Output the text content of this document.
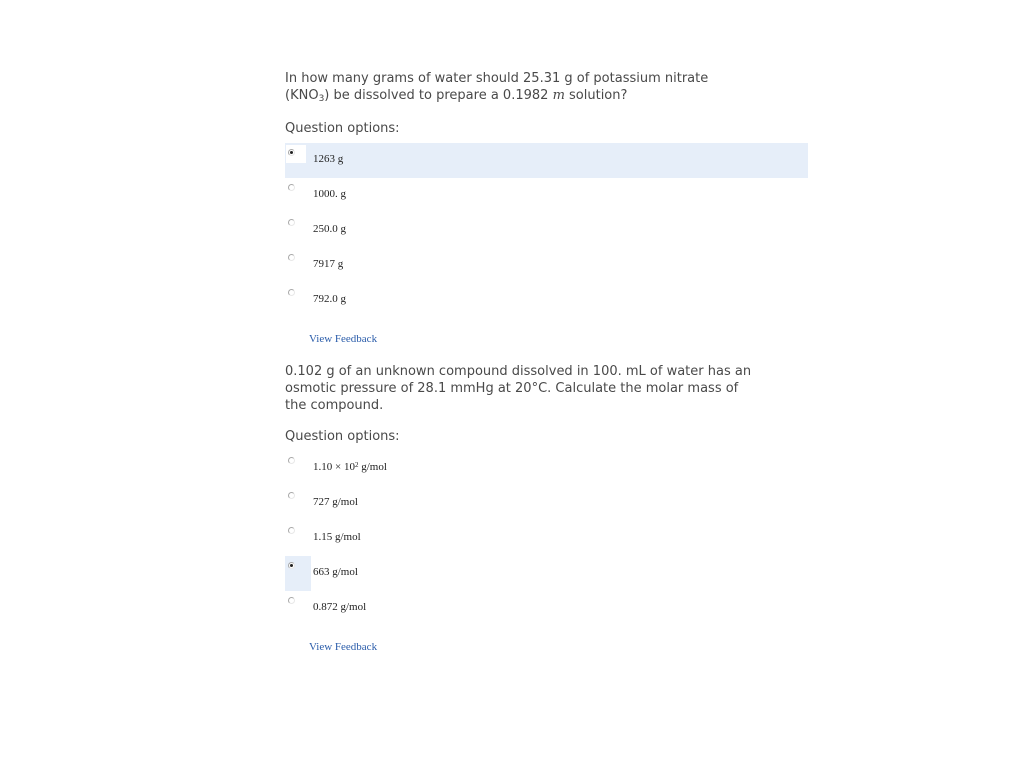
In how many grams of water should 25.31 g of potassium nitrate
$(KNO_3)$ be dissolved to prepare a 0.1982 m solution?

Question options:
1263 g
1000. g
250.0 g
7917 g
792.0 g
View Feedback

0.102 g of an unknown compound dissolved in 100. mL of water has an
osmotic pressure of 28.1 mmHg at 20°C. Calculate the molar mass of
the compound.

Question options:
$1.10 \times 10^2$ g/mol
727 g/mol
1.15 g/mol
663 g/mol
0.872 g/mol
View Feedback
